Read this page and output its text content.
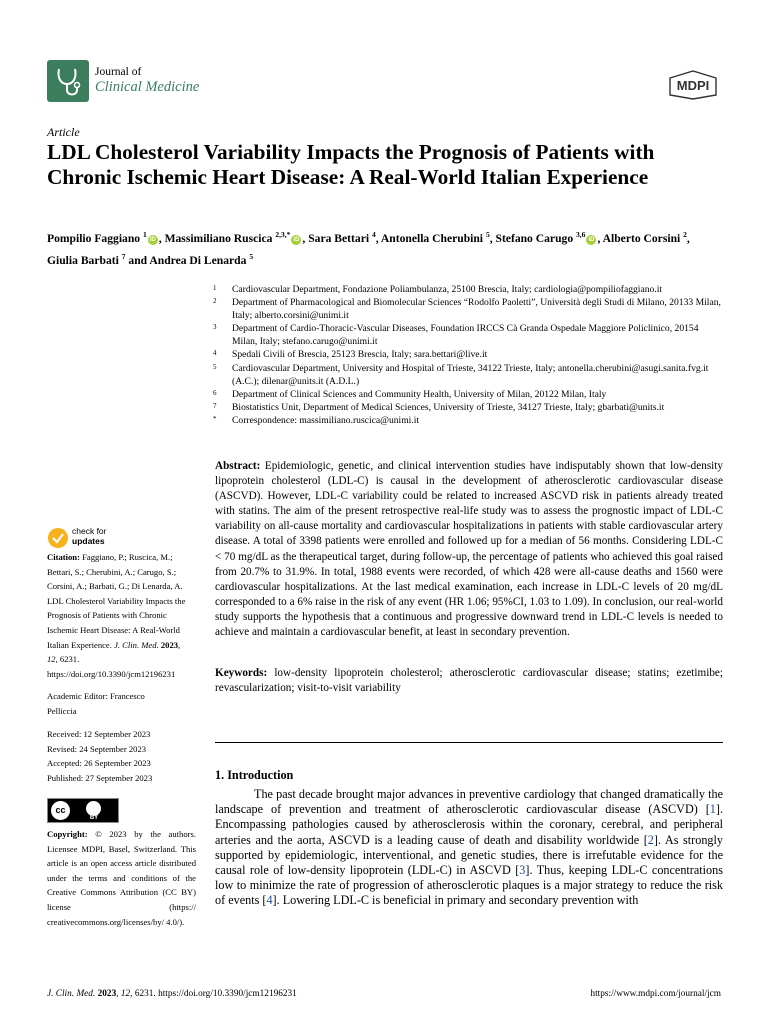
Journal of
Clinical Medicine	MDPI
Article
LDL Cholesterol Variability Impacts the Prognosis of Patients with Chronic Ischemic Heart Disease: A Real-World Italian Experience
Pompilio Faggiano $^1$iD , Massimiliano Ruscica $^{2,3,*}$iD , Sara Bettari $^4$, Antonella Cherubini $^5$, Stefano Carugo $^{3,6}$iD , Alberto Corsini $^2$, Giulia Barbati $^7$ and Andrea Di Lenarda $^5$
1	Cardiovascular Department, Fondazione Poliambulanza, 25100 Brescia, Italy; cardiologia@pompiliofaggiano.it
2	Department of Pharmacological and Biomolecular Sciences “Rodolfo Paoletti”, Università degli Studi di Milano, 20133 Milan, Italy; alberto.corsini@unimi.it
3	Department of Cardio-Thoracic-Vascular Diseases, Foundation IRCCS Cà Granda Ospedale Maggiore Policlinico, 20154 Milan, Italy; stefano.carugo@unimi.it
4	Spedali Civili of Brescia, 25123 Brescia, Italy; sara.bettari@live.it
5	Cardiovascular Department, University and Hospital of Trieste, 34122 Trieste, Italy; antonella.cherubini@asugi.sanita.fvg.it (A.C.); dilenar@units.it (A.D.L.)
6	Department of Clinical Sciences and Community Health, University of Milan, 20122 Milan, Italy
7	Biostatistics Unit, Department of Medical Sciences, University of Trieste, 34127 Trieste, Italy; gbarbati@units.it
*	Correspondence: massimiliano.ruscica@unimi.it
check for
updates

Citation: Faggiano, P.; Ruscica, M.; Bettari, S.; Cherubini, A.; Carugo, S.; Corsini, A.; Barbati, G.; Di Lenarda, A. LDL Cholesterol Variability Impacts the Prognosis of Patients with Chronic Ischemic Heart Disease: A Real-World Italian Experience. J. Clin. Med. 2023, 12, 6231. https://doi.org/10.3390/jcm12196231

Academic Editor: Francesco Pelliccia

Received: 12 September 2023

Revised: 24 September 2023

Accepted: 26 September 2023

Published: 27 September 2023

cc
BY

Copyright: © 2023 by the authors. Licensee MDPI, Basel, Switzerland. This article is an open access article distributed under the terms and conditions of the Creative Commons Attribution (CC BY) license (https:// creativecommons.org/licenses/by/ 4.0/).

Abstract: Epidemiologic, genetic, and clinical intervention studies have indisputably shown that low-density lipoprotein cholesterol (LDL-C) is causal in the development of atherosclerotic cardiovascular disease (ASCVD). However, LDL-C variability could be related to increased ASCVD risk in patients already treated with statins. The aim of the present retrospective real-life study was to assess the prognostic impact of LDL-C variability on all-cause mortality and cardiovascular hospitalizations in patients with stable cardiovascular artery disease. A total of 3398 patients were enrolled and followed up for a median of 56 months. Considering LDL-C < 70 mg/dL as the therapeutical target, during follow-up, the percentage of patients who achieved this goal raised from 20.7% to 31.9%. In total, 1988 events were recorded, of which 428 were all-cause deaths and 1560 were cardiovascular hospitalizations. At the last medical examination, each increase in LDL-C levels of 20 mg/dL corresponded to a 6% raise in the risk of any event (HR 1.06; 95%CI, 1.03 to 1.09). In conclusion, our real-world study supports the hypothesis that a continuous and progressive downward trend in LDL-C levels is needed to achieve and maintain a cardiovascular benefit, at least in secondary prevention.
Keywords: low-density lipoprotein cholesterol; atherosclerotic cardiovascular disease; statins; ezetimibe; revascularization; visit-to-visit variability
1. Introduction
The past decade brought major advances in preventive cardiology that changed dramatically the landscape of prevention and treatment of atherosclerotic cardiovascular disease (ASCVD) [1]. Encompassing pathologies caused by atherosclerosis within the coronary, cerebral, and peripheral arteries and the aorta, ASCVD is a leading cause of death and disability worldwide [2]. As strongly supported by epidemiologic, interventional, and genetic studies, there is irrefutable evidence for the causal role of low-density lipoprotein (LDL-C) in ASCVD [3]. Thus, keeping LDL-C concentrations low to minimize the rate of progression of atherosclerotic plaques is a major strategy to reduce the risk of events [4]. Lowering LDL-C is beneficial in primary and secondary prevention with
J. Clin. Med. 2023, 12, 6231. https://doi.org/10.3390/jcm12196231	https://www.mdpi.com/journal/jcm
